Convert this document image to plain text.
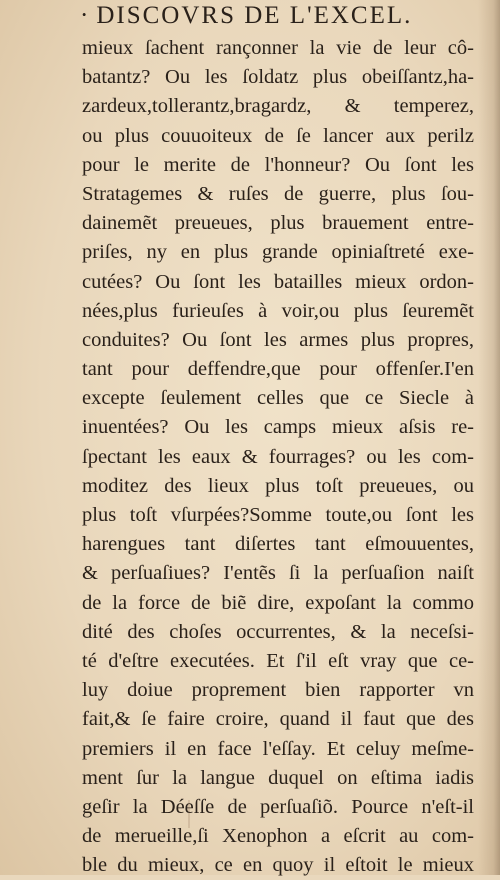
· DISCOVRS DE L'EXCEL.
mieux ſachent rançonner la vie de leur cô-
batantz? Ou les ſoldatz plus obeiſſantz,ha-
zardeux,tollerantz,bragardz, & temperez,
ou plus couuoiteux de ſe lancer aux perilz
pour le merite de l'honneur? Ou ſont les
Stratagemes & ruſes de guerre, plus ſou-
dainemẽt preueues, plus brauement entre-
priſes, ny en plus grande opiniaſtreté exe-
cutées? Ou ſont les batailles mieux ordon-
nées,plus furieuſes à voir,ou plus ſeuremẽt
conduites? Ou ſont les armes plus propres,
tant pour deffendre,que pour offenſer.I'en
excepte ſeulement celles que ce Siecle à
inuentées? Ou les camps mieux aſsis re-
ſpectant les eaux & fourrages? ou les com-
moditez des lieux plus toſt preueues, ou
plus toſt vſurpées?Somme toute,ou ſont les
harengues tant diſertes tant eſmouuentes,
& perſuaſiues? I'entẽs ſi la perſuaſion naiſt
de la force de biẽ dire, expoſant la commo
dité des choſes occurrentes, & la neceſsi-
té d'eſtre executées. Et ſ'il eſt vray que ce-
luy doiue proprement bien rapporter vn
fait,& ſe faire croire, quand il faut que des
premiers il en face l'eſſay. Et celuy meſme-
ment ſur la langue duquel on eſtima iadis
geſir la Déeſſe de perſuaſiõ. Pource n'eſt-il
de merueille,ſi Xenophon a eſcrit au com-
ble du mieux, ce en quoy il eſtoit le mieux
